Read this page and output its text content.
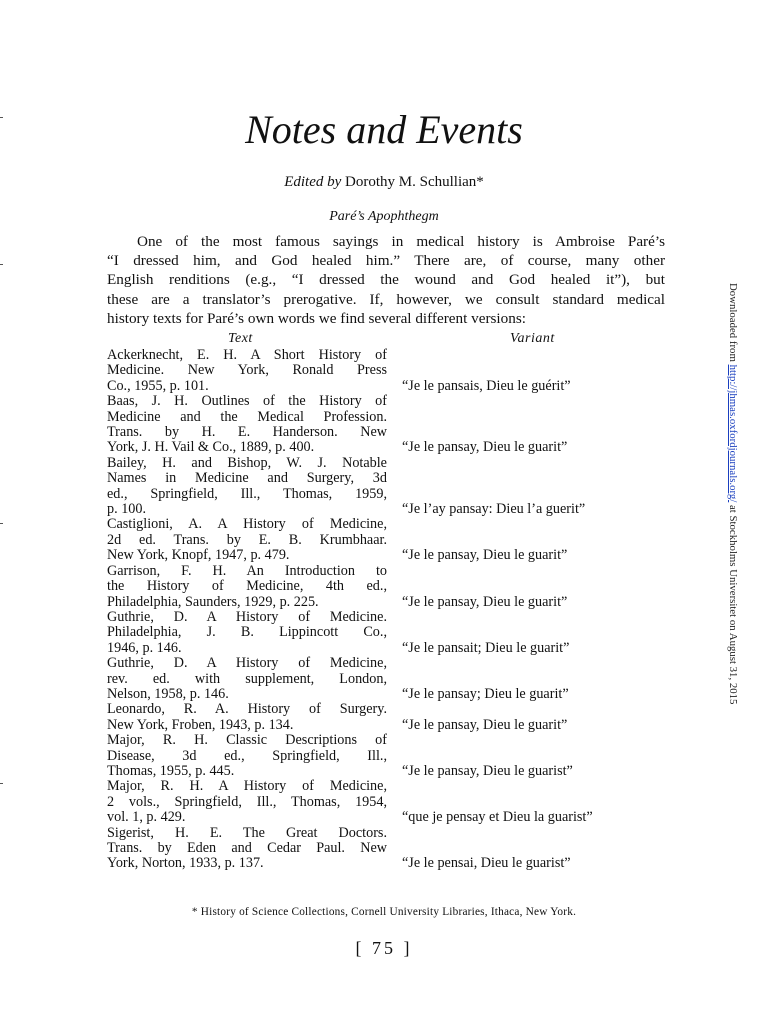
Notes and Events
Edited by Dorothy M. Schullian*
Paré’s Apophthegm

One of the most famous sayings in medical history is Ambroise Paré’s
“I dressed him, and God healed him.” There are, of course, many other
English renditions (e.g., “I dressed the wound and God healed it”), but
these are a translator’s prerogative. If, however, we consult standard medical
history texts for Paré’s own words we find several different versions:

Text	Variant
Ackerknecht, E. H. A Short History of
Medicine. New York, Ronald Press
Co., 1955, p. 101.	“Je le pansais, Dieu le guérit”
Baas, J. H. Outlines of the History of
Medicine and the Medical Profession.
Trans. by H. E. Handerson. New
York, J. H. Vail & Co., 1889, p. 400.	“Je le pansay, Dieu le guarit”
Bailey, H. and Bishop, W. J. Notable
Names in Medicine and Surgery, 3d
ed., Springfield, Ill., Thomas, 1959,
p. 100.	“Je l’ay pansay: Dieu l’a guerit”
Castiglioni, A. A History of Medicine,
2d ed. Trans. by E. B. Krumbhaar.
New York, Knopf, 1947, p. 479.	“Je le pansay, Dieu le guarit”
Garrison, F. H. An Introduction to
the History of Medicine, 4th ed.,
Philadelphia, Saunders, 1929, p. 225.	“Je le pansay, Dieu le guarit”
Guthrie, D. A History of Medicine.
Philadelphia, J. B. Lippincott Co.,
1946, p. 146.	“Je le pansait; Dieu le guarit”
Guthrie, D. A History of Medicine,
rev. ed. with supplement, London,
Nelson, 1958, p. 146.	“Je le pansay; Dieu le guarit”
Leonardo, R. A. History of Surgery.
New York, Froben, 1943, p. 134.	“Je le pansay, Dieu le guarit”
Major, R. H. Classic Descriptions of
Disease, 3d ed., Springfield, Ill.,
Thomas, 1955, p. 445.	“Je le pansay, Dieu le guarist”
Major, R. H. A History of Medicine,
2 vols., Springfield, Ill., Thomas, 1954,
vol. 1, p. 429.	“que je pensay et Dieu la guarist”
Sigerist, H. E. The Great Doctors.
Trans. by Eden and Cedar Paul. New
York, Norton, 1933, p. 137.	“Je le pensai, Dieu le guarist”
* History of Science Collections, Cornell University Libraries, Ithaca, New York.
[ 75 ]
Downloaded from http://jhmas.oxfordjournals.org/ at Stockholms Universitet on August 31, 2015
